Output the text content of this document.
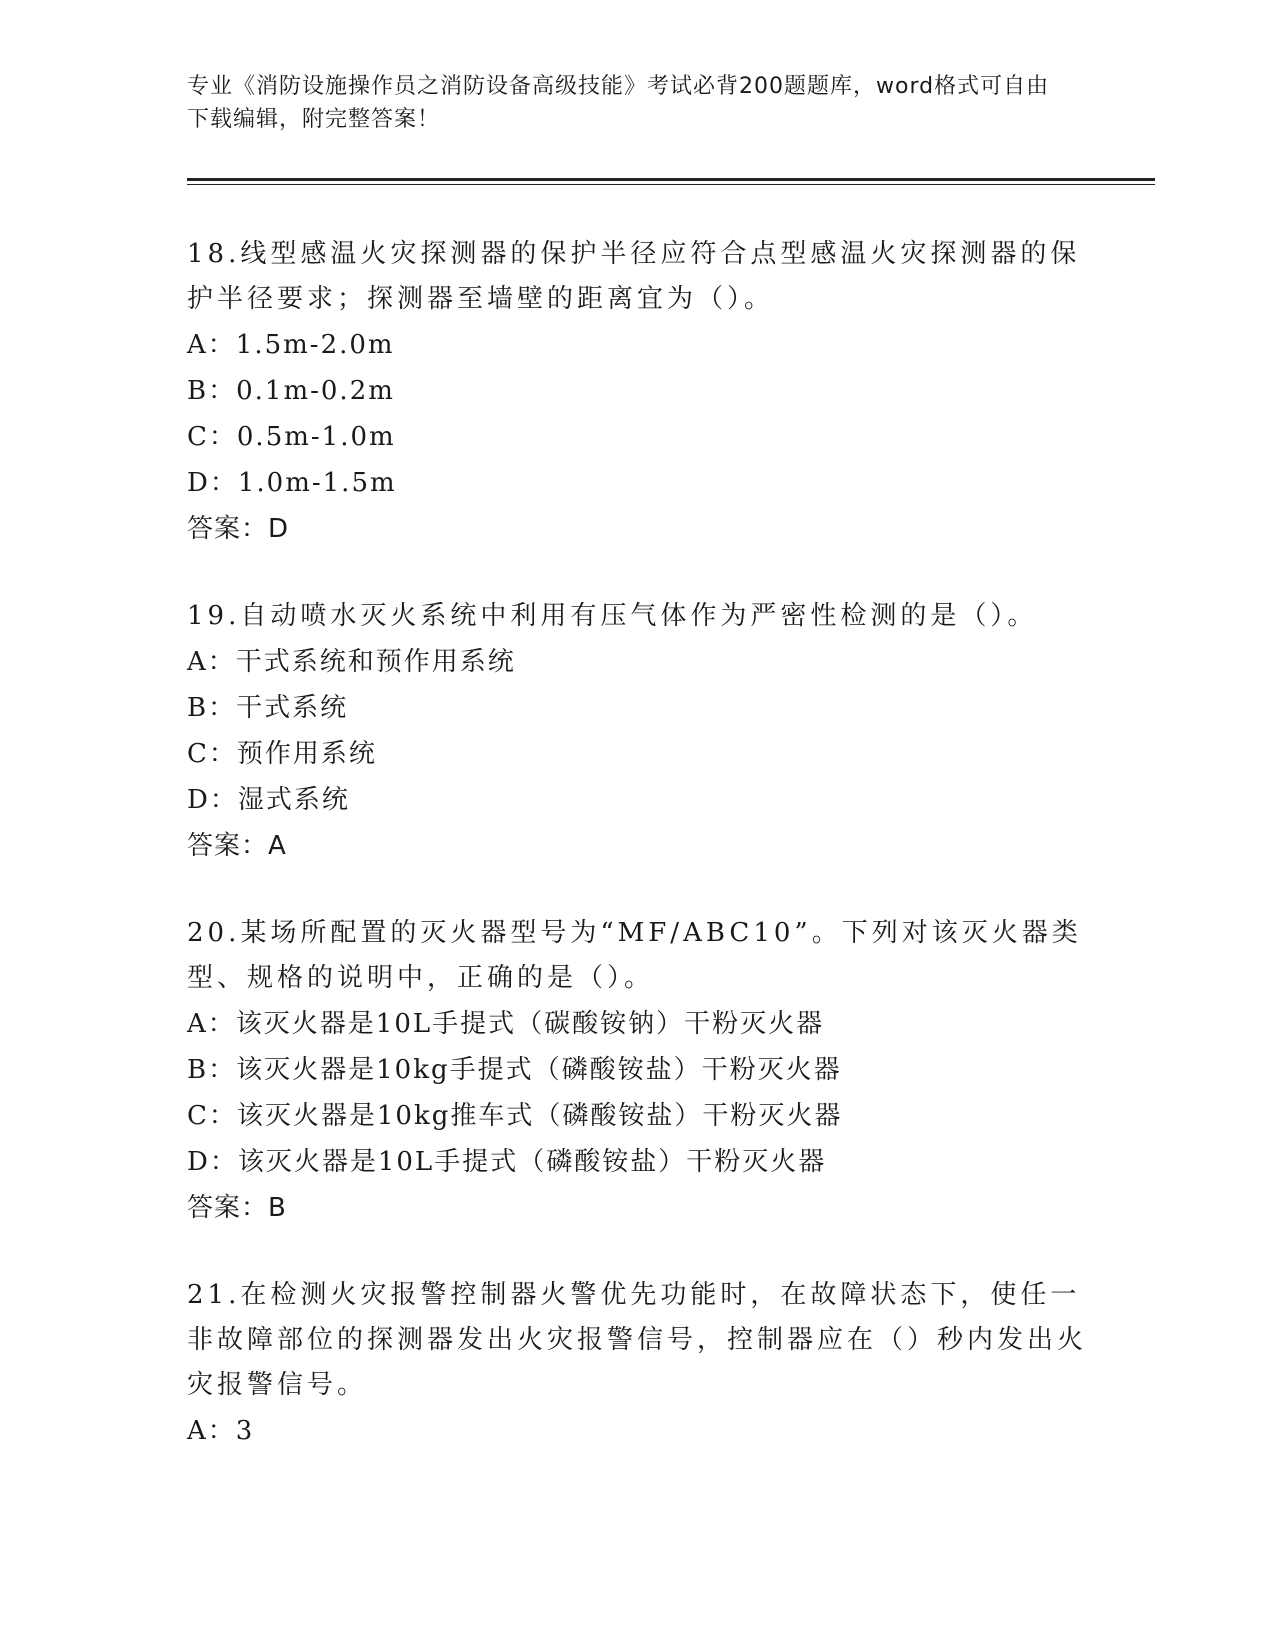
专业《消防设施操作员之消防设备高级技能》考试必背200题题库，word格式可自由下载编辑，附完整答案！
18.线型感温火灾探测器的保护半径应符合点型感温火灾探测器的保护半径要求；探测器至墙壁的距离宜为（）。
A：1.5m-2.0m
B：0.1m-0.2m
C：0.5m-1.0m
D：1.0m-1.5m
答案：D
19.自动喷水灭火系统中利用有压气体作为严密性检测的是（）。
A：干式系统和预作用系统
B：干式系统
C：预作用系统
D：湿式系统
答案：A
20.某场所配置的灭火器型号为“MF/ABC10”。下列对该灭火器类型、规格的说明中，正确的是（）。
A：该灭火器是10L手提式（碳酸铵钠）干粉灭火器
B：该灭火器是10kg手提式（磷酸铵盐）干粉灭火器
C：该灭火器是10kg推车式（磷酸铵盐）干粉灭火器
D：该灭火器是10L手提式（磷酸铵盐）干粉灭火器
答案：B
21.在检测火灾报警控制器火警优先功能时，在故障状态下，使任一非故障部位的探测器发出火灾报警信号，控制器应在（）秒内发出火灾报警信号。
A：3
